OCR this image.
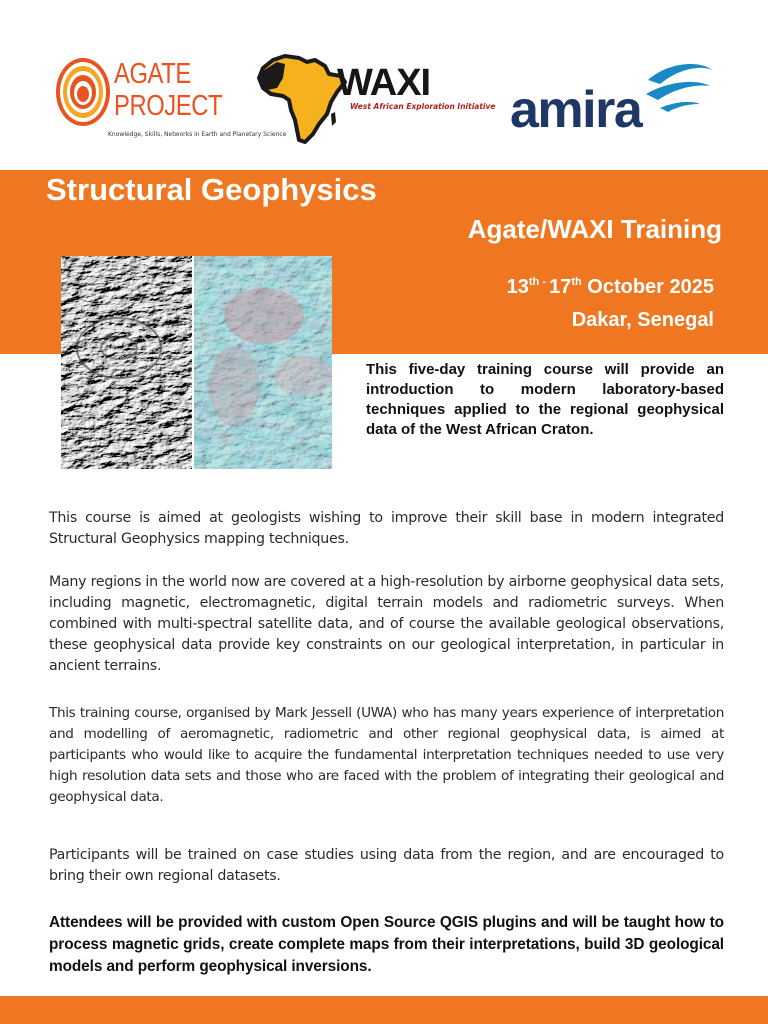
AGATE PROJECT
Knowledge, Skills, Networks in Earth and Planetary Science
WAXI
West African Exploration Initiative amira
Structural Geophysics
Agate/WAXI Training
$13^{th -}$ 17th October 2025
Dakar, Senegal
This five-day training course will provide an introduction to modern laboratory-based techniques applied to the regional geophysical data of the West African Craton.
This course is aimed at geologists wishing to improve their skill base in modern integrated Structural Geophysics mapping techniques.
Many regions in the world now are covered at a high-resolution by airborne geophysical data sets, including magnetic, electromagnetic, digital terrain models and radiometric surveys. When combined with multi-spectral satellite data, and of course the available geological observations, these geophysical data provide key constraints on our geological interpretation, in particular in ancient terrains.
This training course, organised by Mark Jessell (UWA) who has many years experience of interpretation and modelling of aeromagnetic, radiometric and other regional geophysical data, is aimed at participants who would like to acquire the fundamental interpretation techniques needed to use very high resolution data sets and those who are faced with the problem of integrating their geological and geophysical data.
Participants will be trained on case studies using data from the region, and are encouraged to bring their own regional datasets.
Attendees will be provided with custom Open Source QGIS plugins and will be taught how to process magnetic grids, create complete maps from their interpretations, build 3D geological models and perform geophysical inversions.
